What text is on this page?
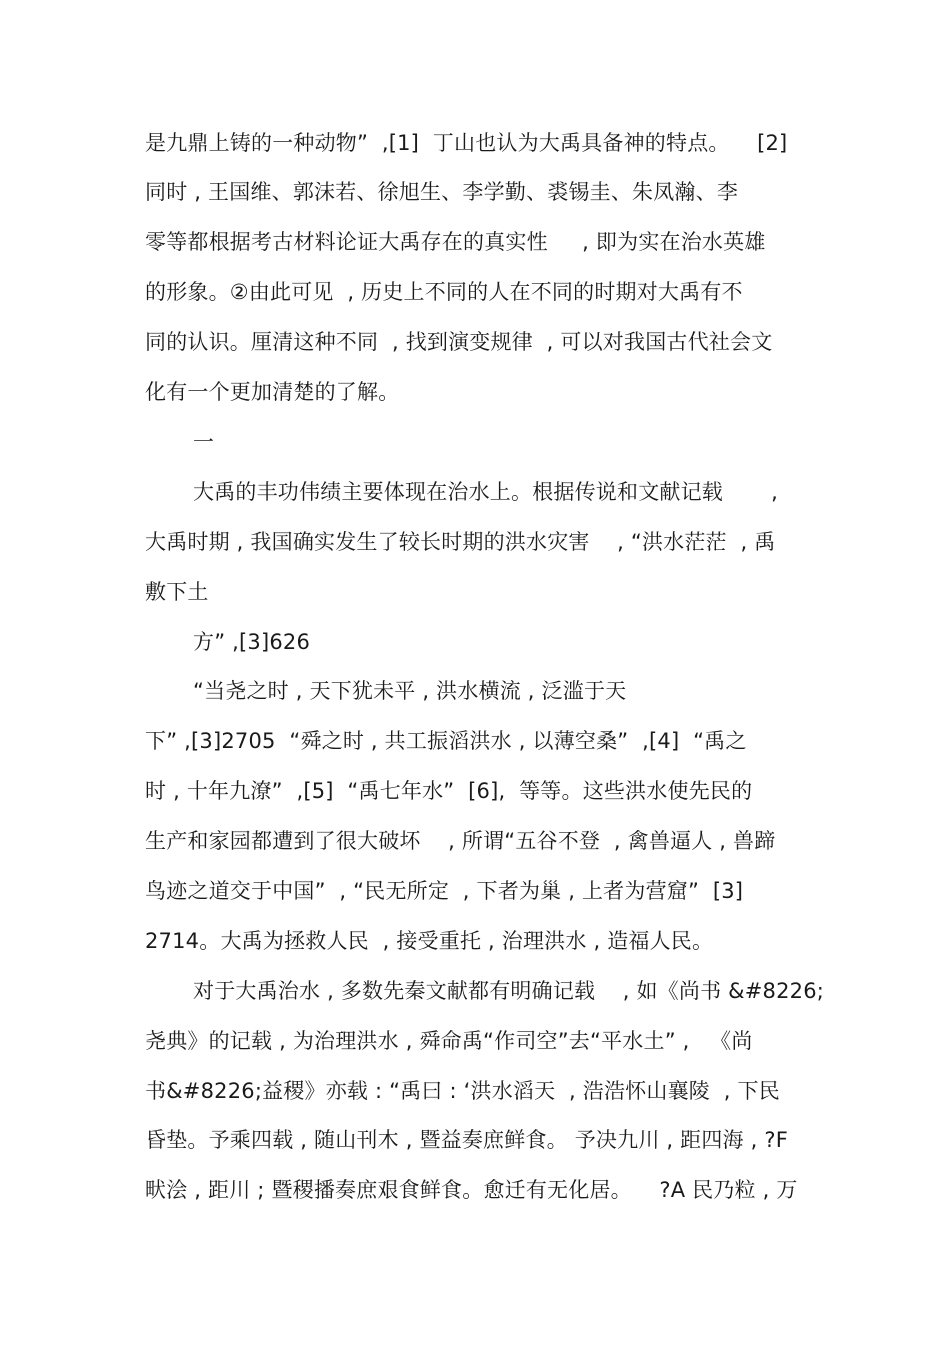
是九鼎上铸的一种动物”  ,[1]  丁山也认为大禹具备神的特点。    [2]
同时 , 王国维、郭沫若、徐旭生、李学勤、裘锡圭、朱凤瀚、李
零等都根据考古材料论证大禹存在的真实性     , 即为实在治水英雄
的形象。②由此可见  , 历史上不同的人在不同的时期对大禹有不
同的认识。厘清这种不同  , 找到演变规律  , 可以对我国古代社会文
化有一个更加清楚的了解。
一
大禹的丰功伟绩主要体现在治水上。根据传说和文献记载       ,
大禹时期 , 我国确实发生了较长时期的洪水灾害    , “洪水茫茫  , 禹
敷下土
方” ,[3]626
“当尧之时 , 天下犹未平 , 洪水横流 , 泛滥于天
下” ,[3]2705  “舜之时 , 共工振滔洪水 , 以薄空桑”  ,[4]  “禹之
时 , 十年九潦”  ,[5]  “禹七年水”  [6],  等等。这些洪水使先民的
生产和家园都遭到了很大破坏    , 所谓“五谷不登  , 禽兽逼人 , 兽蹄
鸟迹之道交于中国”  , “民无所定  , 下者为巢 , 上者为营窟”  [3]
2714。大禹为拯救人民  , 接受重托 , 治理洪水 , 造福人民。
对于大禹治水 , 多数先秦文献都有明确记载    , 如《尚书 &#8226;
尧典》的记载 , 为治理洪水 , 舜命禹“作司空”去“平水土” ,   《尚
书&#8226;益稷》亦载 : “禹曰 : ‘洪水滔天  , 浩浩怀山襄陵  , 下民
昏垫。予乘四载 , 随山刊木 , 暨益奏庶鲜食。 予决九川 , 距四海 , ?F
畎浍 , 距川 ; 暨稷播奏庶艰食鲜食。愈迁有无化居。    ?A 民乃粒 , 万
